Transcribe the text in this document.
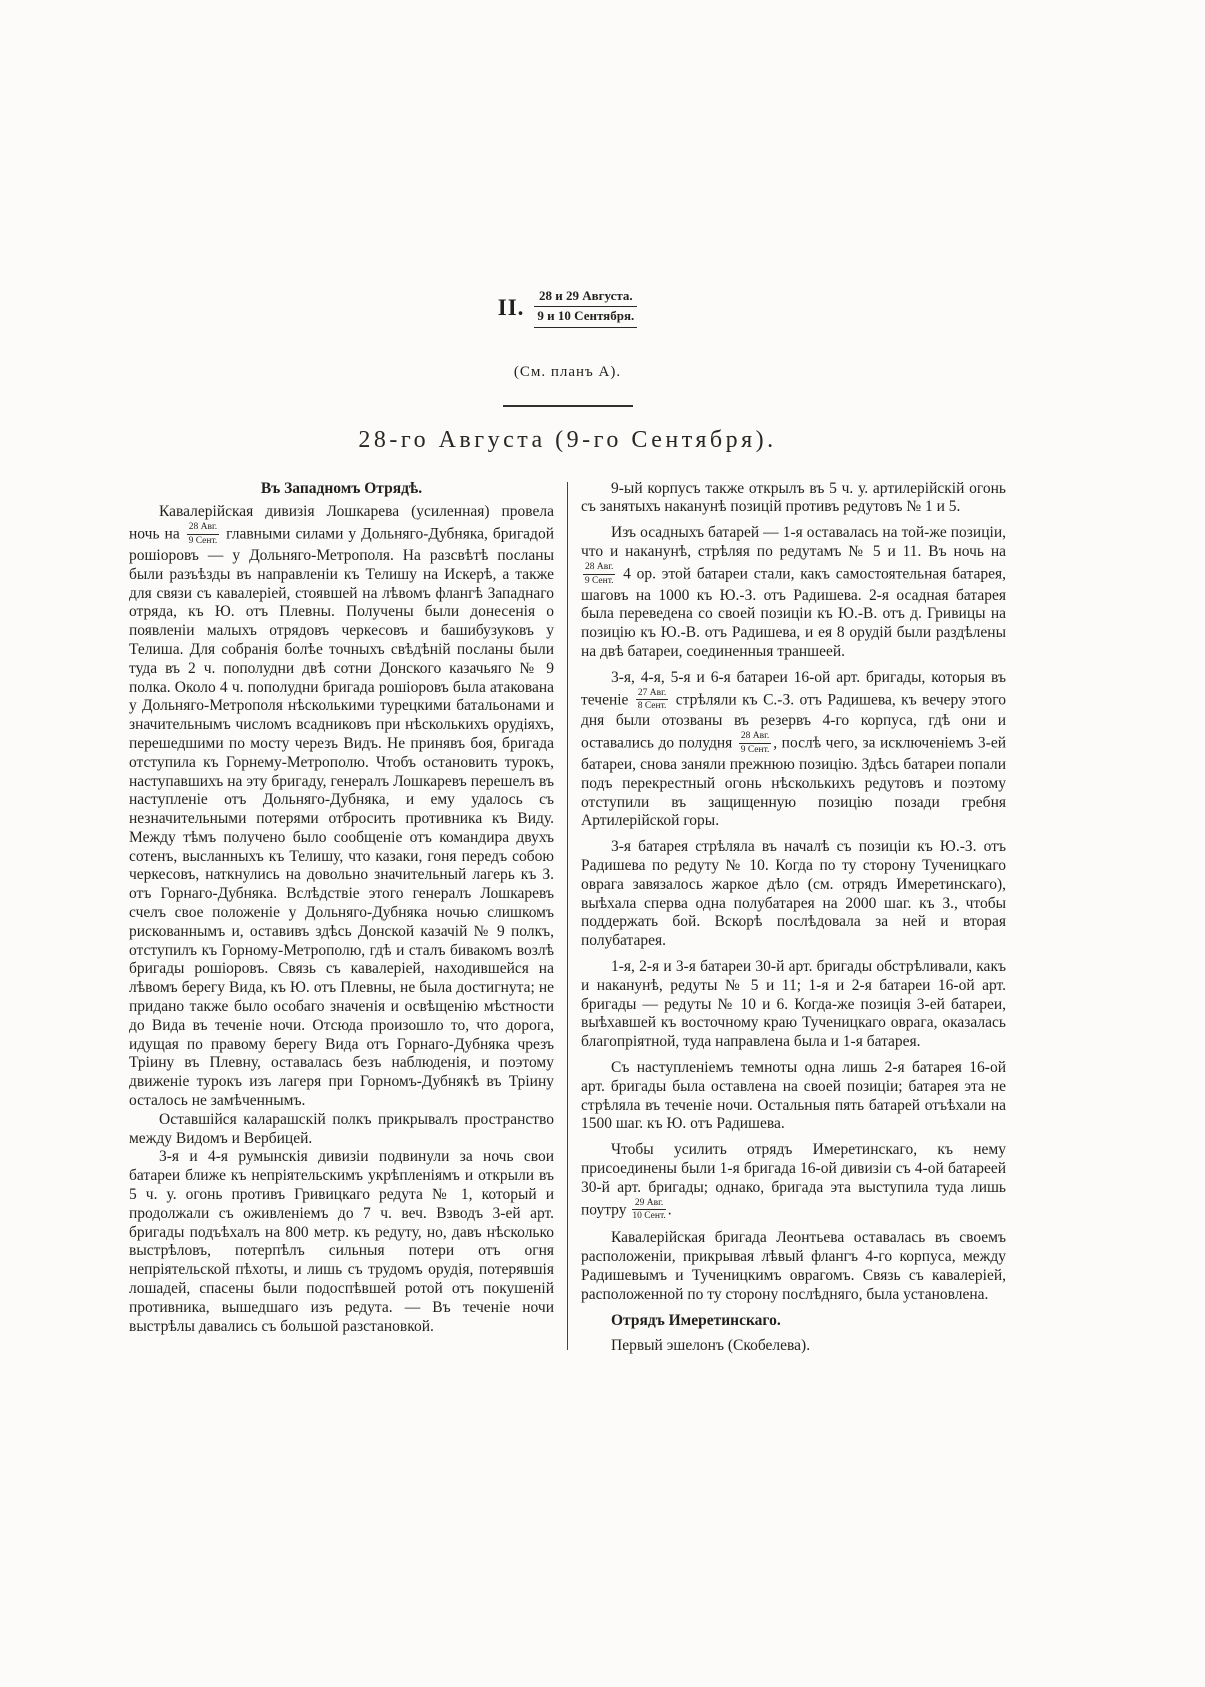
II.	28 и 29 Августа.
9 и 10 Сентября.
(См. планъ А).
28-го Августа (9-го Сентября).
Въ Западномъ Отрядѣ.

Кавалерійская дивизія Лошкарева (усиленная) провела ночь на $\frac{\text{28 Авг.}}{\text{9 Сент.}}$ главными силами у Дольняго-Дубняка, бригадой рошіоровъ — у Дольняго-Метрополя. На разсвѣтѣ посланы были разъѣзды въ направленіи къ Телишу на Искерѣ, а также для связи съ кавалеріей, стоявшей на лѣвомъ флангѣ Западнаго отряда, къ Ю. отъ Плевны. Получены были донесенія о появленіи малыхъ отрядовъ черкесовъ и башибузуковъ у Телиша. Для собранія болѣе точныхъ свѣдѣній посланы были туда въ 2 ч. пополудни двѣ сотни Донского казачьяго № 9 полка. Около 4 ч. пополудни бригада рошіоровъ была атакована у Дольняго-Метрополя нѣсколькими турецкими батальонами и значительнымъ числомъ всадниковъ при нѣсколькихъ орудіяхъ, перешедшими по мосту черезъ Видъ. Не принявъ боя, бригада отступила къ Горнему-Метрополю. Чтобъ остановить турокъ, наступавшихъ на эту бригаду, генералъ Лошкаревъ перешелъ въ наступленіе отъ Дольняго-Дубняка, и ему удалось съ незначительными потерями отбросить противника къ Виду. Между тѣмъ получено было сообщеніе отъ командира двухъ сотенъ, высланныхъ къ Телишу, что казаки, гоня передъ собою черкесовъ, наткнулись на довольно значительный лагерь къ З. отъ Горнаго-Дубняка. Вслѣдствіе этого генералъ Лошкаревъ счелъ свое положеніе у Дольняго-Дубняка ночью слишкомъ рискованнымъ и, оставивъ здѣсь Донской казачій № 9 полкъ, отступилъ къ Горному-Метрополю, гдѣ и сталъ бивакомъ возлѣ бригады рошіоровъ. Связь съ кавалеріей, находившейся на лѣвомъ берегу Вида, къ Ю. отъ Плевны, не была достигнута; не придано также было особаго значенія и освѣщенію мѣстности до Вида въ теченіе ночи. Отсюда произошло то, что дорога, идущая по правому берегу Вида отъ Горнаго-Дубняка чрезъ Тріину въ Плевну, оставалась безъ наблюденія, и поэтому движеніе турокъ изъ лагеря при Горномъ-Дубнякѣ въ Тріину осталось не замѣченнымъ.

Оставшійся каларашскій полкъ прикрывалъ пространство между Видомъ и Вербицей.

3-я и 4-я румынскія дивизіи подвинули за ночь свои батареи ближе къ непріятельскимъ укрѣпленіямъ и открыли въ 5 ч. у. огонь противъ Гривицкаго редута № 1, который и продолжали съ оживленіемъ до 7 ч. веч. Взводъ 3-ей арт. бригады подъѣхалъ на 800 метр. къ редуту, но, давъ нѣсколько выстрѣловъ, потерпѣлъ сильныя потери отъ огня непріятельской пѣхоты, и лишь съ трудомъ орудія, потерявшія лошадей, спасены были подоспѣвшей ротой отъ покушеній противника, вышедшаго изъ редута. — Въ теченіе ночи выстрѣлы давались съ большой разстановкой.

9-ый корпусъ также открылъ въ 5 ч. у. артилерійскій огонь съ занятыхъ наканунѣ позицій противъ редутовъ № 1 и 5.

Изъ осадныхъ батарей — 1-я оставалась на той-же позиціи, что и наканунѣ, стрѣляя по редутамъ № 5 и 11. Въ ночь на
$\frac{\text{28 Авг.}}{\text{9 Сент.}} 4$ ор. этой батареи стали, какъ самостоятельная батарея, шаговъ на 1000 къ Ю.-З. отъ Радишева. 2-я осадная батарея была переведена со своей позиціи къ Ю.-В. отъ д. Гривицы на позицію къ Ю.-В. отъ Радишева, и ея 8 орудій были раздѣлены на двѣ батареи, соединенныя траншеей.

3-я, 4-я, 5-я и 6-я батареи 16-ой арт. бригады, которыя въ теченіе $\frac{\text{27 Авг.}}{\text{8 Сент.}}$ стрѣляли къ С.-З. отъ Радишева, къ вечеру этого дня были отозваны въ резервъ 4-го корпуса, гдѣ они и оставались до полудня $\frac{\text{28 Авг.}}{\text{9 Сент.}}$ , послѣ чего, за исключеніемъ 3-ей батареи, снова заняли прежнюю позицію. Здѣсь батареи попали подъ перекрестный огонь нѣсколькихъ редутовъ и поэтому отступили въ защищенную позицію позади гребня Артилерійской горы.

3-я батарея стрѣляла въ началѣ съ позиціи къ Ю.-З. отъ Радишева по редуту № 10. Когда по ту сторону Тученицкаго оврага завязалось жаркое дѣло (см. отрядъ Имеретинскаго), выѣхала сперва одна полубатарея на 2000 шаг. къ З., чтобы поддержать бой. Вскорѣ послѣдовала за ней и вторая полубатарея.

1-я, 2-я и 3-я батареи 30-й арт. бригады обстрѣливали, какъ и наканунѣ, редуты № 5 и 11; 1-я и 2-я батареи 16-ой арт. бригады — редуты № 10 и 6. Когда-же позиція 3-ей батареи, выѣхавшей къ восточному краю Тученицкаго оврага, оказалась благопріятной, туда направлена была и 1-я батарея.

Съ наступленіемъ темноты одна лишь 2-я батарея 16-ой арт. бригады была оставлена на своей позиціи; батарея эта не стрѣляла въ теченіе ночи. Остальныя пять батарей отъѣхали на 1500 шаг. къ Ю. отъ Радишева.

Чтобы усилить отрядъ Имеретинскаго, къ нему присоединены были 1-я бригада 16-ой дивизіи съ 4-ой батареей 30-й арт. бригады; однако, бригада эта выступила туда лишь поутру $\frac{\text{29 Авг.}}{\text{10 Сент.}}$ .

Кавалерійская бригада Леонтьева оставалась въ своемъ расположеніи, прикрывая лѣвый флангъ 4-го корпуса, между Радишевымъ и Тученицкимъ оврагомъ. Связь съ кавалеріей, расположенной по ту сторону послѣдняго, была установлена.

Отрядъ Имеретинскаго.

Первый эшелонъ (Скобелева).
